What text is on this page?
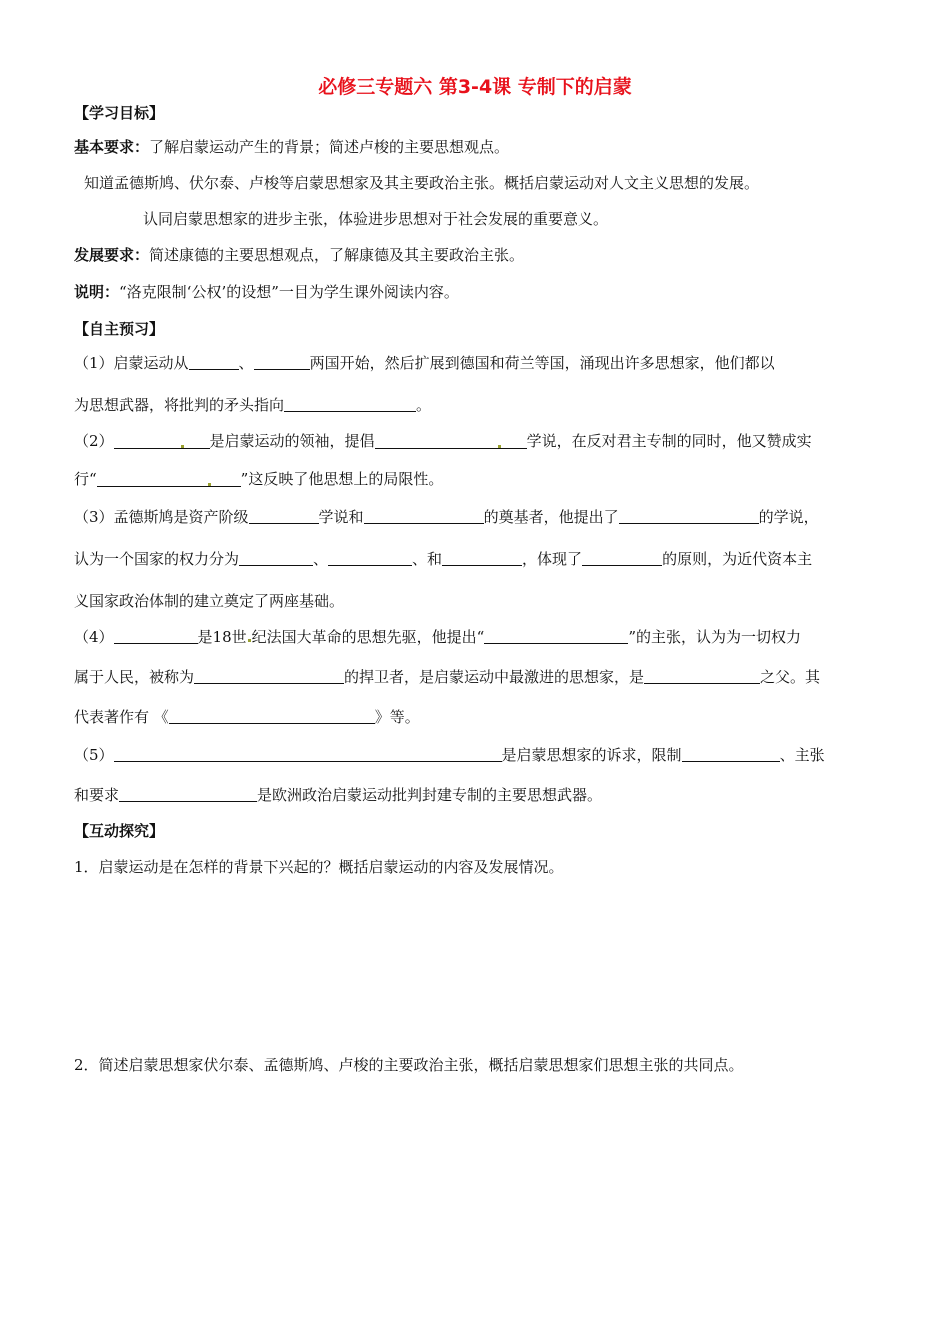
必修三专题六 第3-4课 专制下的启蒙
【学习目标】
基本要求：了解启蒙运动产生的背景；简述卢梭的主要思想观点。
知道孟德斯鸠、伏尔泰、卢梭等启蒙思想家及其主要政治主张。概括启蒙运动对人文主义思想的发展。
认同启蒙思想家的进步主张，体验进步思想对于社会发展的重要意义。
发展要求：简述康德的主要思想观点，了解康德及其主要政治主张。
说明：“洛克限制‘公权’的设想”一目为学生课外阅读内容。
【自主预习】
（1）启蒙运动从	、	两国开始，然后扩展到德国和荷兰等国，涌现出许多思想家，他们都以
为思想武器，将批判的矛头指向	。
（2）	是启蒙运动的领袖，提倡	学说，在反对君主专制的同时，他又赞成实
行“	”这反映了他思想上的局限性。
（3）孟德斯鸠是资产阶级	学说和	的奠基者，他提出了	的学说，
认为一个国家的权力分为	、	、和	，体现了	的原则，为近代资本主
义国家政治体制的建立奠定了两座基础。
（4）	是18世 纪法国大革命的思想先驱，他提出“	”的主张，认为为一切权力
属于人民，被称为	的捍卫者，是启蒙运动中最激进的思想家，是	之父。其
代表著作有 《	》等。
（5）	是启蒙思想家的诉求，限制	、主张
和要求	是欧洲政治启蒙运动批判封建专制的主要思想武器。
【互动探究】
1．启蒙运动是在怎样的背景下兴起的？概括启蒙运动的内容及发展情况。
2．简述启蒙思想家伏尔泰、孟德斯鸠、卢梭的主要政治主张，概括启蒙思想家们思想主张的共同点。
